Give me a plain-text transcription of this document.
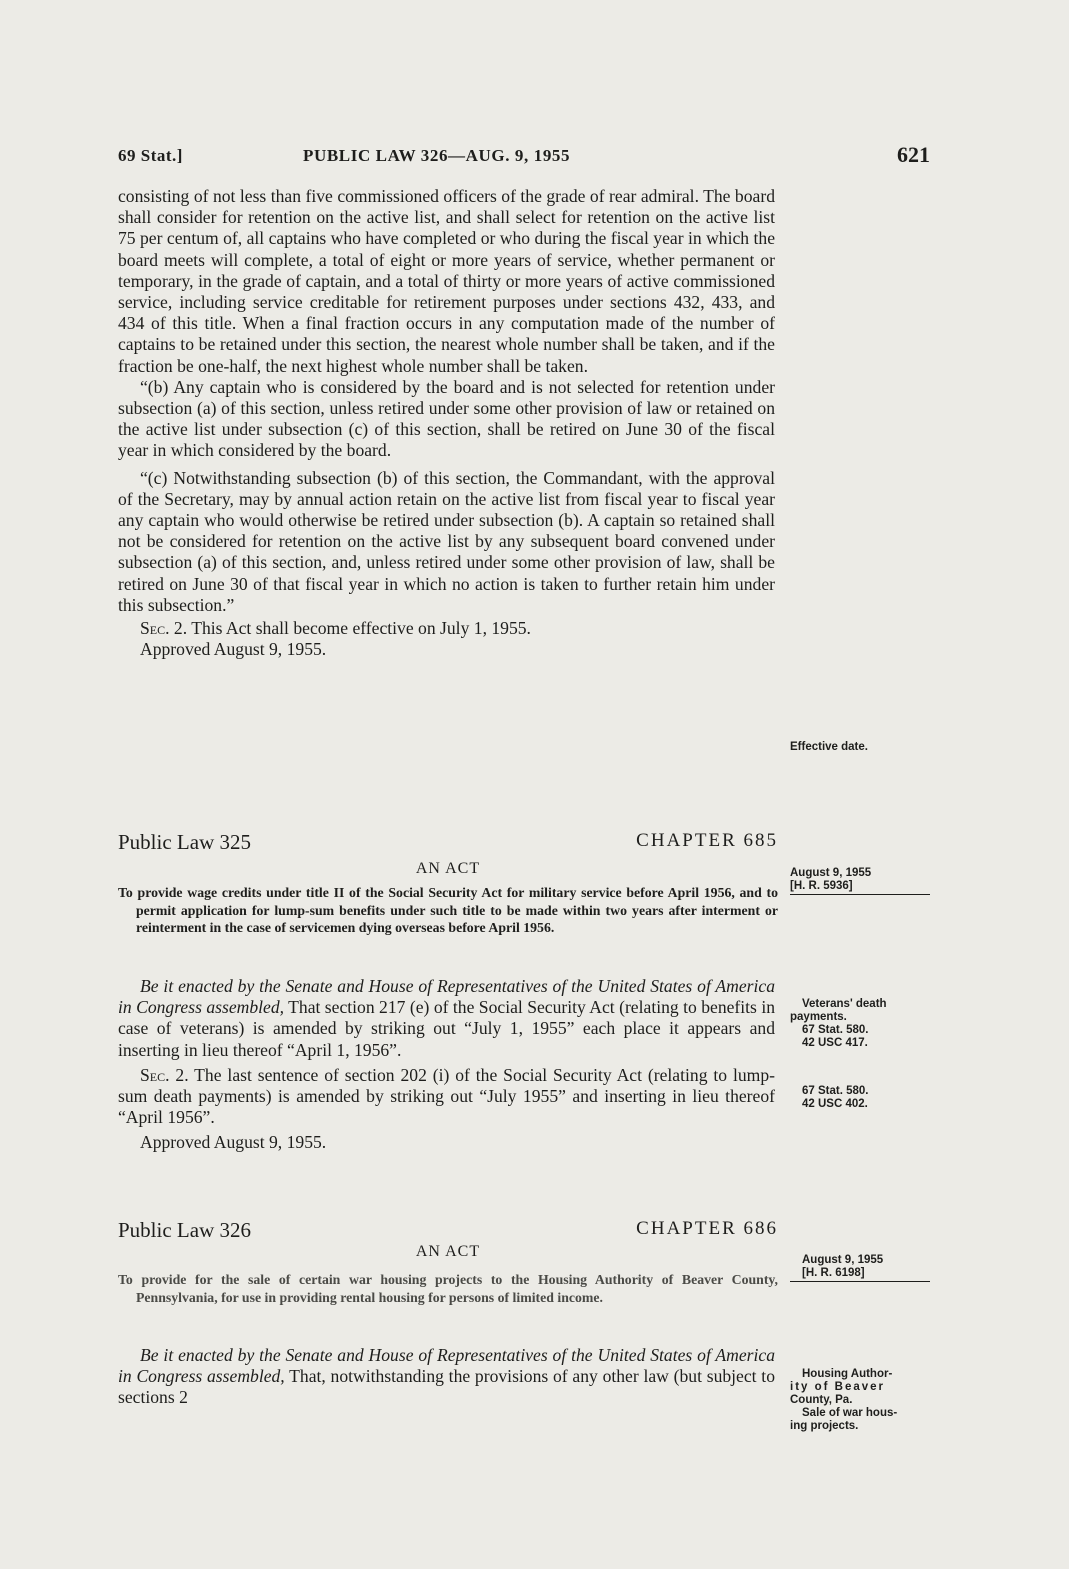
69 Stat.]	PUBLIC LAW 326—AUG. 9, 1955	621

consisting of not less than five commissioned officers of the grade of rear admiral. The board shall consider for retention on the active list, and shall select for retention on the active list 75 per centum of, all captains who have completed or who during the fiscal year in which the board meets will complete, a total of eight or more years of service, whether permanent or temporary, in the grade of captain, and a total of thirty or more years of active commissioned service, including service creditable for retirement purposes under sections 432, 433, and 434 of this title. When a final fraction occurs in any computation made of the number of captains to be retained under this section, the nearest whole number shall be taken, and if the fraction be one-half, the next highest whole number shall be taken.

“(b) Any captain who is considered by the board and is not selected for retention under subsection (a) of this section, unless retired under some other provision of law or retained on the active list under subsection (c) of this section, shall be retired on June 30 of the fiscal year in which considered by the board.

“(c) Notwithstanding subsection (b) of this section, the Commandant, with the approval of the Secretary, may by annual action retain on the active list from fiscal year to fiscal year any captain who would otherwise be retired under subsection (b). A captain so retained shall not be considered for retention on the active list by any subsequent board convened under subsection (a) of this section, and, unless retired under some other provision of law, shall be retired on June 30 of that fiscal year in which no action is taken to further retain him under this subsection.”

Sec. 2. This Act shall become effective on July 1, 1955.

Approved August 9, 1955.

Effective date.
Public Law 325	CHAPTER 685
AN ACT

To provide wage credits under title II of the Social Security Act for military service before April 1956, and to permit application for lump-sum benefits under such title to be made within two years after interment or reinterment in the case of servicemen dying overseas before April 1956.

August 9, 1955
[H. R. 5936]

Be it enacted by the Senate and House of Representatives of the United States of America in Congress assembled, That section 217 (e) of the Social Security Act (relating to benefits in case of veterans) is amended by striking out “July 1, 1955” each place it appears and inserting in lieu thereof “April 1, 1956”.

Sec. 2. The last sentence of section 202 (i) of the Social Security Act (relating to lump-sum death payments) is amended by striking out “July 1955” and inserting in lieu thereof “April 1956”.

Approved August 9, 1955.

Veterans' death
payments.
67 Stat. 580.
42 USC 417.
67 Stat. 580.
42 USC 402.
Public Law 326	CHAPTER 686
AN ACT

To provide for the sale of certain war housing projects to the Housing Authority of Beaver County, Pennsylvania, for use in providing rental housing for persons of limited income.

August 9, 1955
[H. R. 6198]

Be it enacted by the Senate and House of Representatives of the United States of America in Congress assembled, That, notwithstanding the provisions of any other law (but subject to sections 2

Housing Author-
ity of Beaver
County, Pa.
Sale of war hous-
ing projects.
